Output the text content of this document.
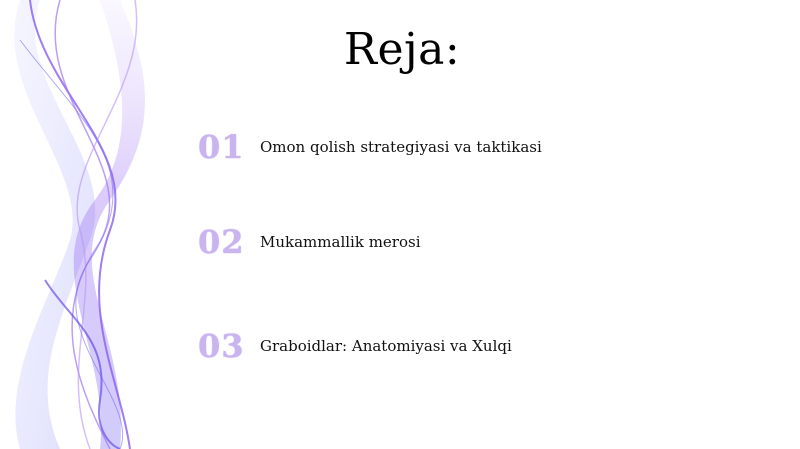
Reja:
01 Omon qolish strategiyasi va taktikasi
02 Mukammallik merosi
03 Graboidlar: Anatomiyasi va Xulqi
